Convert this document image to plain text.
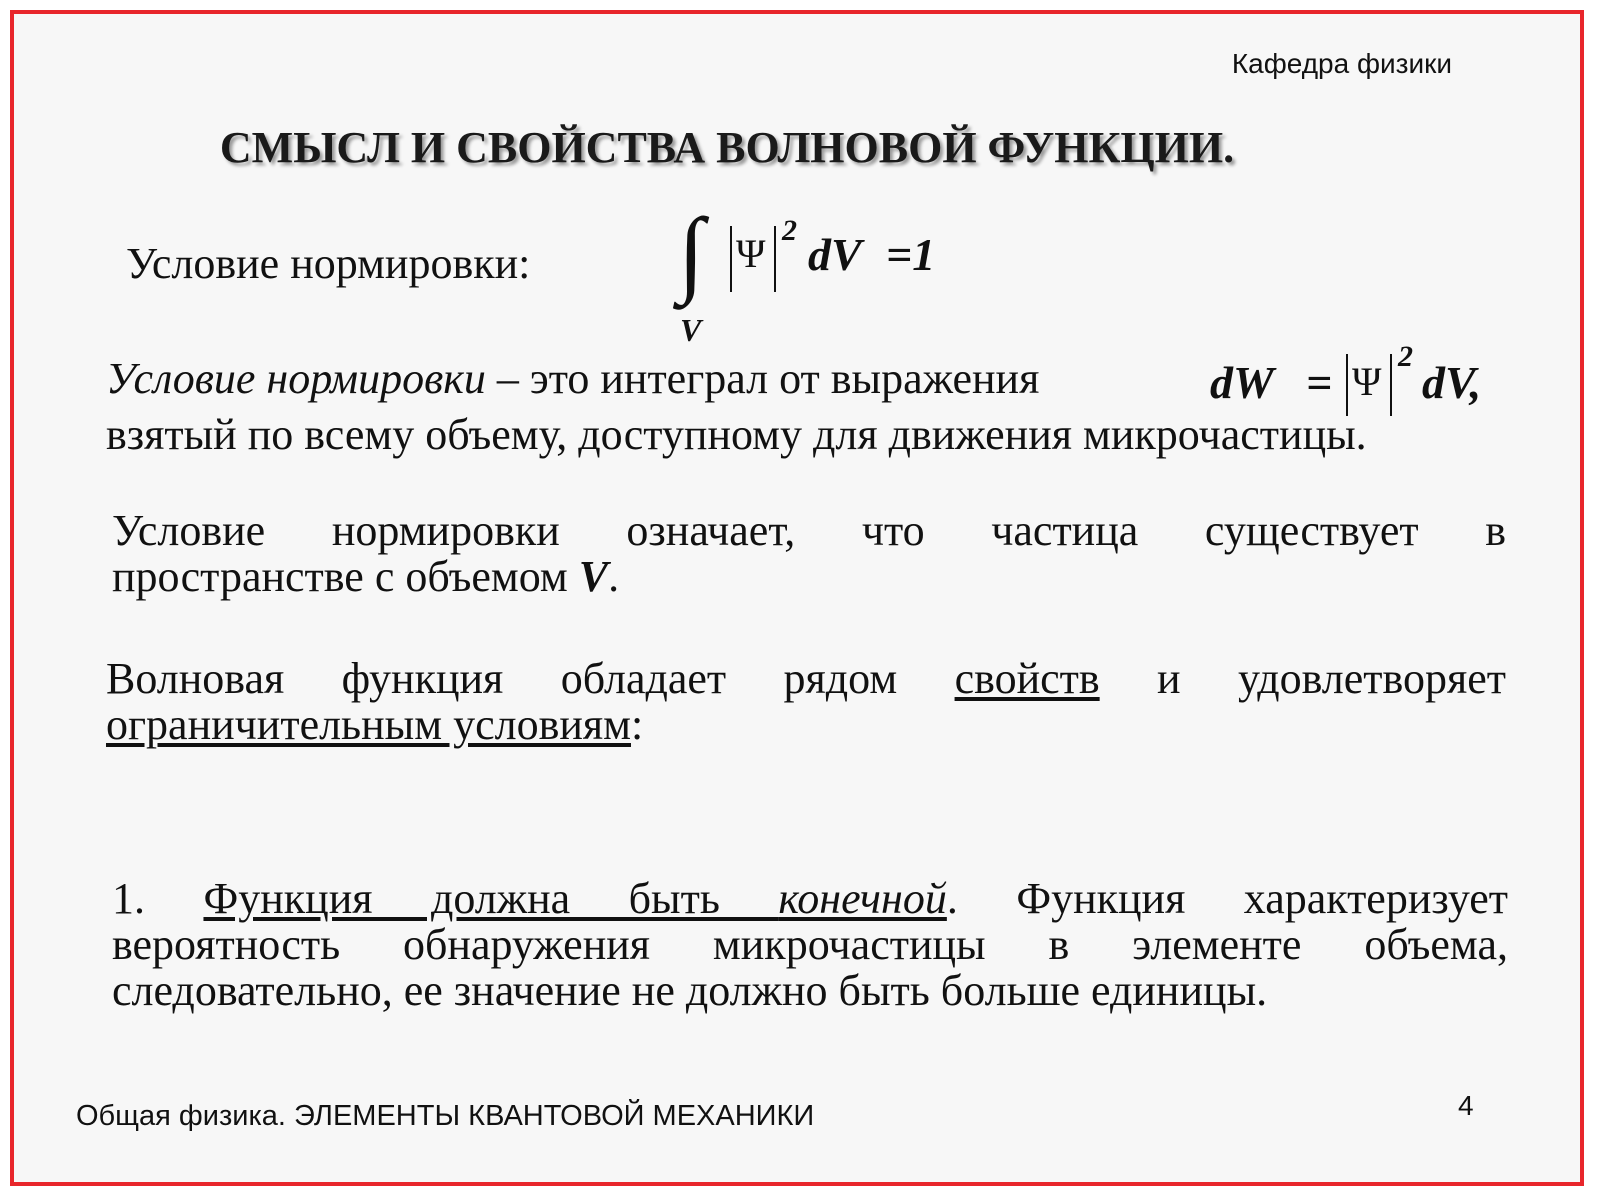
Кафедра физики
СМЫСЛ И СВОЙСТВА ВОЛНОВОЙ ФУНКЦИИ.
Условие нормировки: ∫
V
Ψ
2 dV =1
Условие нормировки – это интеграл от выражения	dW = Ψ
2
dV,
взятый по всему объему, доступному для движения микрочастицы.
Условие нормировки означает, что частица существует в
пространстве с объемом V.
Волновая функция обладает рядом свойств и удовлетворяет
ограничительным условиям:
1. Функция должна быть конечной. Функция характеризует
вероятность обнаружения микрочастицы в элементе объема,
следовательно, ее значение не должно быть больше единицы.
Общая физика. ЭЛЕМЕНТЫ КВАНТОВОЙ МЕХАНИКИ	4
